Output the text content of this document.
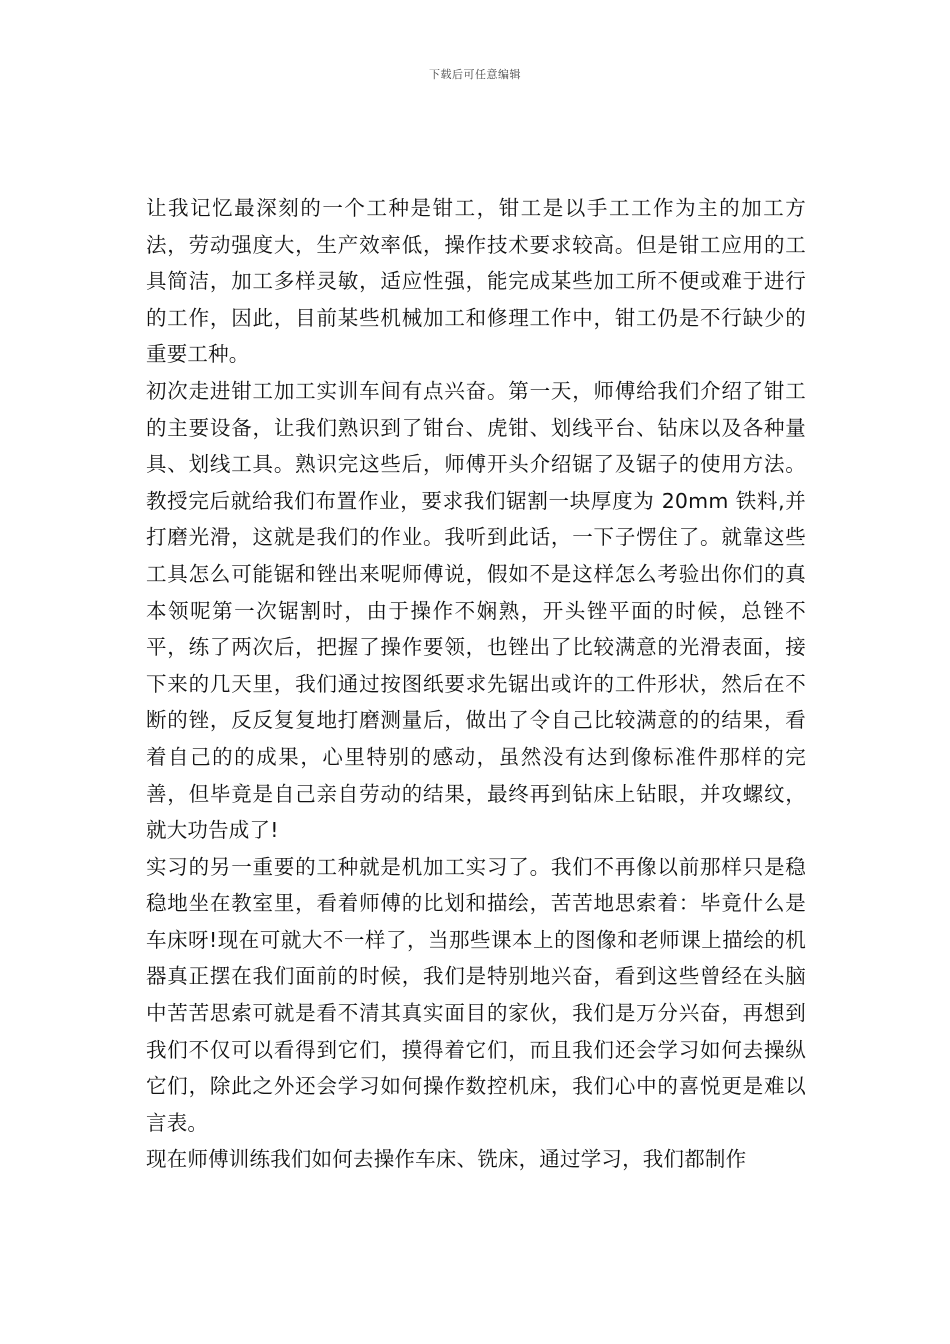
下载后可任意编辑

让我记忆最深刻的一个工种是钳工，钳工是以手工工作为主的加工方法，劳动强度大，生产效率低，操作技术要求较高。但是钳工应用的工具简洁，加工多样灵敏，适应性强，能完成某些加工所不便或难于进行的工作，因此，目前某些机械加工和修理工作中，钳工仍是不行缺少的重要工种。

初次走进钳工加工实训车间有点兴奋。第一天，师傅给我们介绍了钳工的主要设备，让我们熟识到了钳台、虎钳、划线平台、钻床以及各种量具、划线工具。熟识完这些后，师傅开头介绍锯了及锯子的使用方法。教授完后就给我们布置作业，要求我们锯割一块厚度为 20mm 铁料,并打磨光滑，这就是我们的作业。我听到此话，一下子愣住了。就靠这些工具怎么可能锯和锉出来呢师傅说，假如不是这样怎么考验出你们的真本领呢第一次锯割时，由于操作不娴熟，开头锉平面的时候，总锉不平，练了两次后，把握了操作要领，也锉出了比较满意的光滑表面，接下来的几天里，我们通过按图纸要求先锯出或许的工件形状，然后在不断的锉，反反复复地打磨测量后，做出了令自己比较满意的的结果，看着自己的的成果，心里特别的感动，虽然没有达到像标准件那样的完善，但毕竟是自己亲自劳动的结果，最终再到钻床上钻眼，并攻螺纹，就大功告成了!

实习的另一重要的工种就是机加工实习了。我们不再像以前那样只是稳稳地坐在教室里，看着师傅的比划和描绘，苦苦地思索着：毕竟什么是车床呀!现在可就大不一样了，当那些课本上的图像和老师课上描绘的机器真正摆在我们面前的时候，我们是特别地兴奋，看到这些曾经在头脑中苦苦思索可就是看不清其真实面目的家伙，我们是万分兴奋，再想到我们不仅可以看得到它们，摸得着它们，而且我们还会学习如何去操纵它们，除此之外还会学习如何操作数控机床，我们心中的喜悦更是难以言表。

现在师傅训练我们如何去操作车床、铣床，通过学习，我们都制作
